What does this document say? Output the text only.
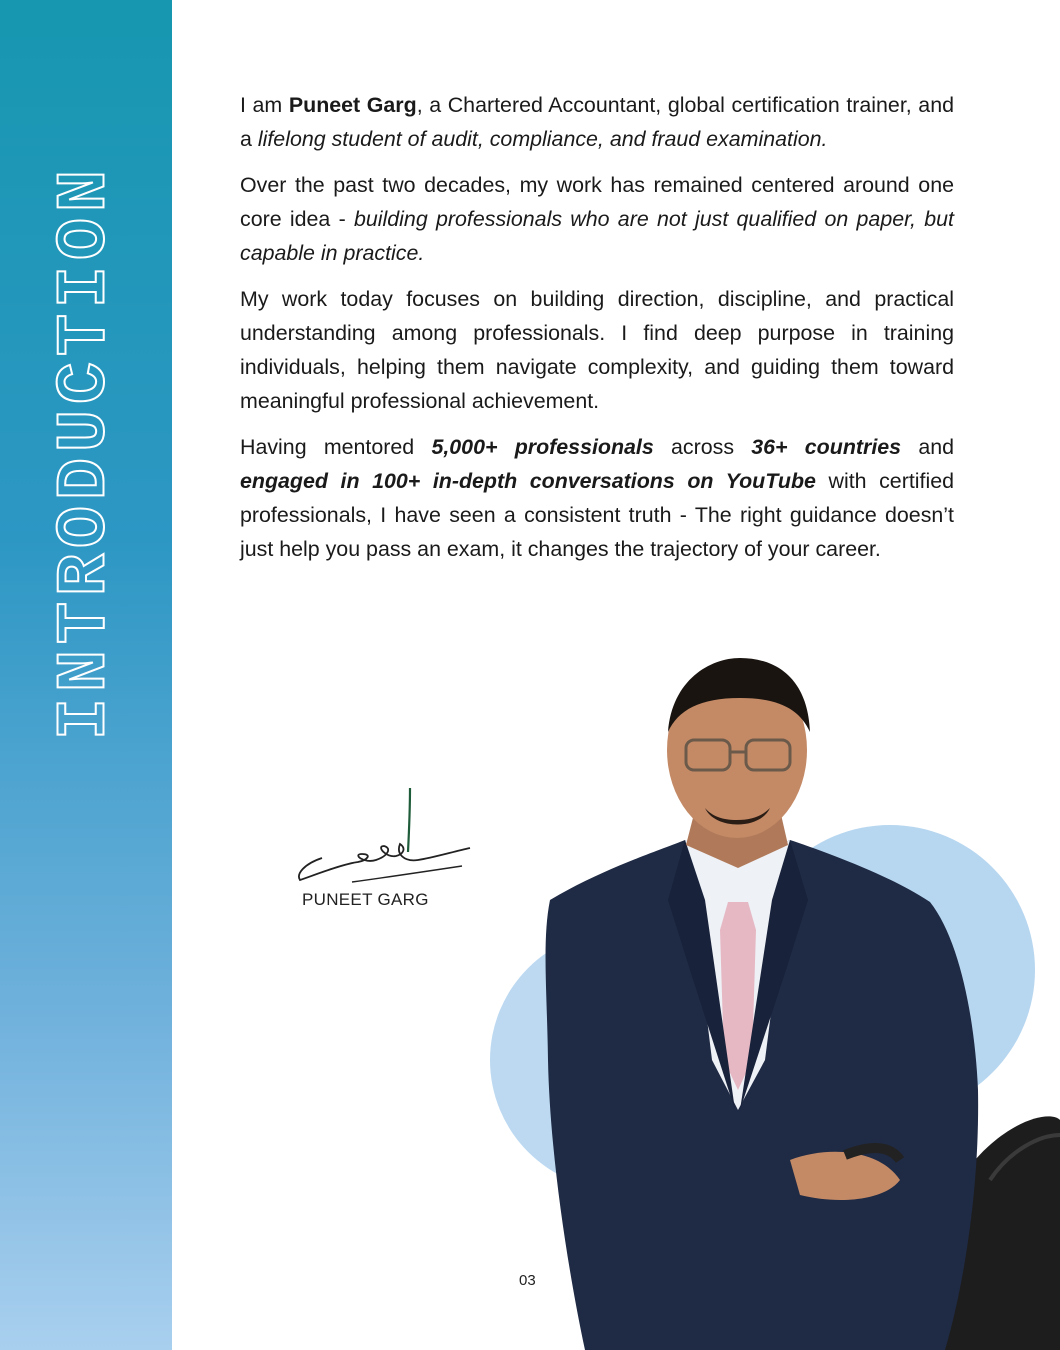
INTRODUCTION

I am Puneet Garg, a Chartered Accountant, global certification trainer, and a lifelong student of audit, compliance, and fraud examination.

Over the past two decades, my work has remained centered around one core idea - building professionals who are not just qualified on paper, but capable in practice.

My work today focuses on building direction, discipline, and practical understanding among professionals. I find deep purpose in training individuals, helping them navigate complexity, and guiding them toward meaningful professional achievement.

Having mentored 5,000+ professionals across 36+ countries and engaged in 100+ in-depth conversations on YouTube with certified professionals, I have seen a consistent truth - The right guidance doesn’t just help you pass an exam, it changes the trajectory of your career.

PUNEET GARG
03
